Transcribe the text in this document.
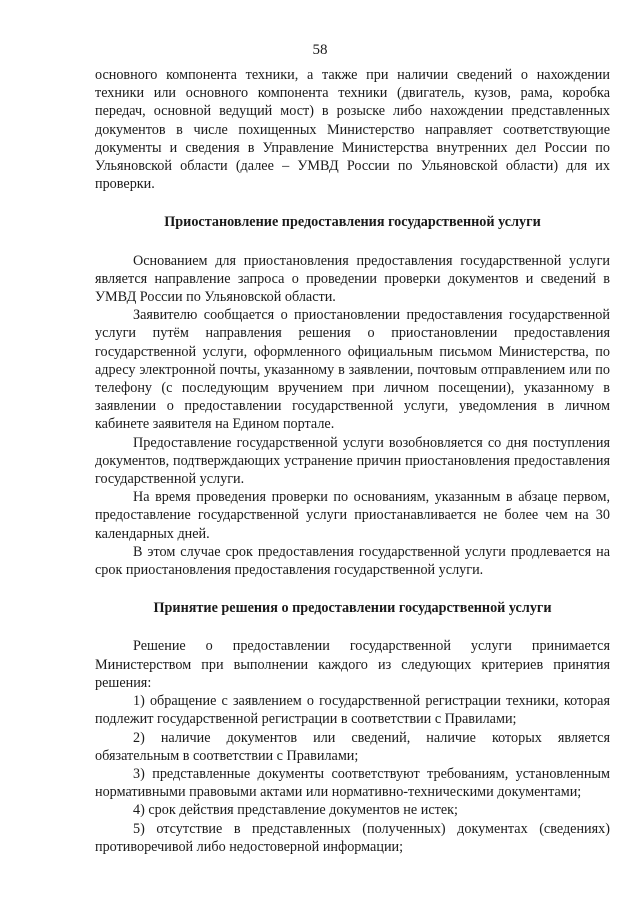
58

основного компонента техники, а также при наличии сведений о нахождении техники или основного компонента техники (двигатель, кузов, рама, коробка передач, основной ведущий мост) в розыске либо нахождении представленных документов в числе похищенных Министерство направляет соответствующие документы и сведения в Управление Министерства внутренних дел России по Ульяновской области (далее – УМВД России по Ульяновской области) для их проверки.

Приостановление предоставления государственной услуги

Основанием для приостановления предоставления государственной услуги является направление запроса о проведении проверки документов и сведений в УМВД России по Ульяновской области.

Заявителю сообщается о приостановлении предоставления государственной услуги путём направления решения о приостановлении предоставления государственной услуги, оформленного официальным письмом Министерства, по адресу электронной почты, указанному в заявлении, почтовым отправлением или по телефону (с последующим вручением при личном посещении), указанному в заявлении о предоставлении государственной услуги, уведомления в личном кабинете заявителя на Едином портале.

Предоставление государственной услуги возобновляется со дня поступления документов, подтверждающих устранение причин приостановления предоставления государственной услуги.

На время проведения проверки по основаниям, указанным в абзаце первом, предоставление государственной услуги приостанавливается не более чем на 30 календарных дней.

В этом случае срок предоставления государственной услуги продлевается на срок приостановления предоставления государственной услуги.

Принятие решения о предоставлении государственной услуги

Решение о предоставлении государственной услуги принимается Министерством при выполнении каждого из следующих критериев принятия решения:

1) обращение с заявлением о государственной регистрации техники, которая подлежит государственной регистрации в соответствии с Правилами;

2) наличие документов или сведений, наличие которых является обязательным в соответствии с Правилами;

3) представленные документы соответствуют требованиям, установленным нормативными правовыми актами или нормативно-техническими документами;

4) срок действия представление документов не истек;

5) отсутствие в представленных (полученных) документах (сведениях) противоречивой либо недостоверной информации;
